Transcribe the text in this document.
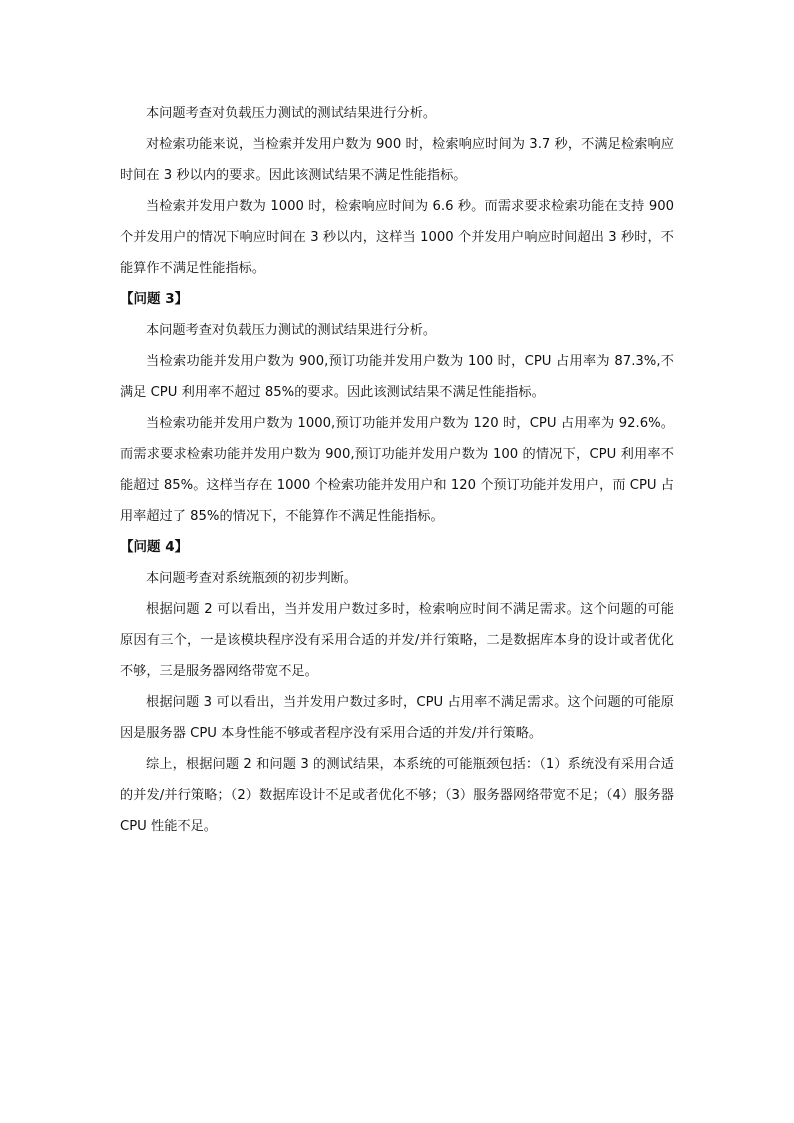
本问题考查对负载压力测试的测试结果进行分析。

对检索功能来说，当检索并发用户数为 900 时，检索响应时间为 3.7 秒，不满足检索响应时间在 3 秒以内的要求。因此该测试结果不满足性能指标。

当检索并发用户数为 1000 时，检索响应时间为 6.6 秒。而需求要求检索功能在支持 900 个并发用户的情况下响应时间在 3 秒以内，这样当 1000 个并发用户响应时间超出 3 秒时，不能算作不满足性能指标。

【问题 3】

本问题考查对负载压力测试的测试结果进行分析。

当检索功能并发用户数为 900,预订功能并发用户数为 100 时，CPU 占用率为 87.3%,不满足 CPU 利用率不超过 85%的要求。因此该测试结果不满足性能指标。

当检索功能并发用户数为 1000,预订功能并发用户数为 120 时，CPU 占用率为 92.6%。而需求要求检索功能并发用户数为 900,预订功能并发用户数为 100 的情况下，CPU 利用率不能超过 85%。这样当存在 1000 个检索功能并发用户和 120 个预订功能并发用户，而 CPU 占用率超过了 85%的情况下，不能算作不满足性能指标。

【问题 4】

本问题考查对系统瓶颈的初步判断。

根据问题 2 可以看出，当并发用户数过多时，检索响应时间不满足需求。这个问题的可能原因有三个，一是该模块程序没有采用合适的并发/并行策略，二是数据库本身的设计或者优化不够，三是服务器网络带宽不足。

根据问题 3 可以看出，当并发用户数过多时，CPU 占用率不满足需求。这个问题的可能原因是服务器 CPU 本身性能不够或者程序没有采用合适的并发/并行策略。

综上，根据问题 2 和问题 3 的测试结果，本系统的可能瓶颈包括：（1）系统没有采用合适的并发/并行策略；（2）数据库设计不足或者优化不够；（3）服务器网络带宽不足；（4）服务器 CPU 性能不足。
